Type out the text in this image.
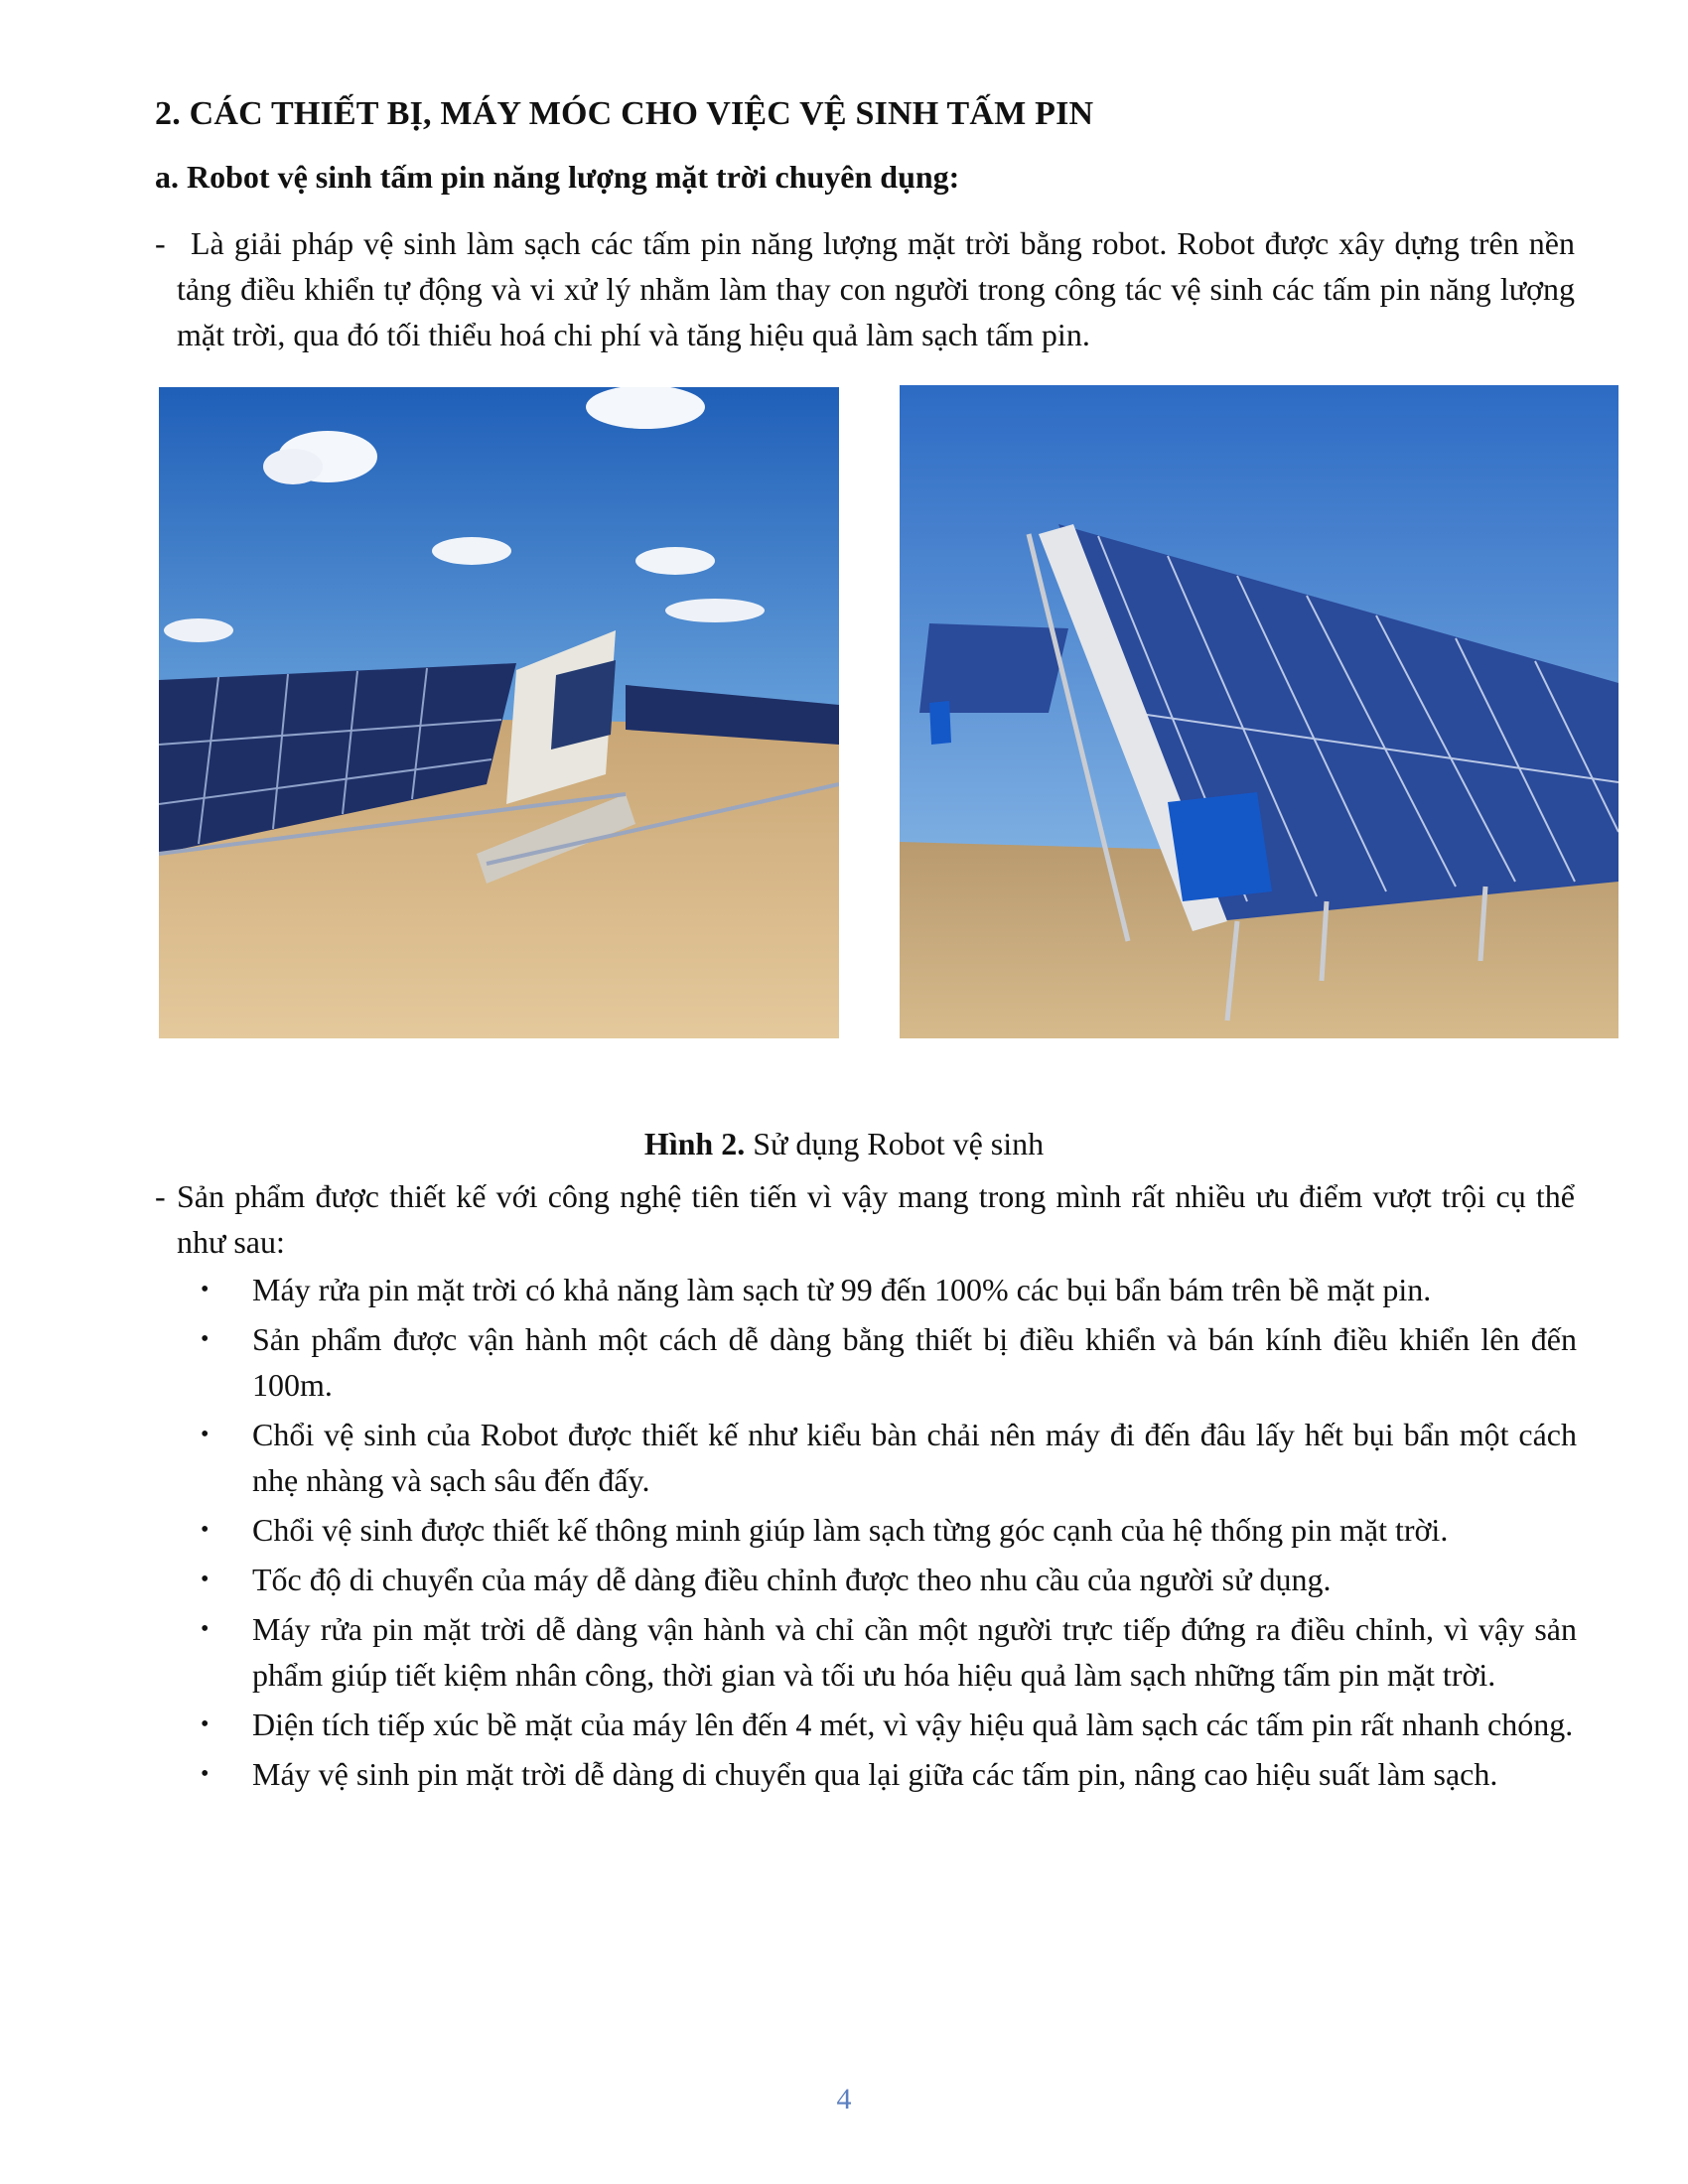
2. CÁC THIẾT BỊ, MÁY MÓC CHO VIỆC VỆ SINH TẤM PIN
a. Robot vệ sinh tấm pin năng lượng mặt trời chuyên dụng:
- Là giải pháp vệ sinh làm sạch các tấm pin năng lượng mặt trời bằng robot. Robot được xây dựng trên nền tảng điều khiển tự động và vi xử lý nhằm làm thay con người trong công tác vệ sinh các tấm pin năng lượng mặt trời, qua đó tối thiểu hoá chi phí và tăng hiệu quả làm sạch tấm pin.
Hình 2. Sử dụng Robot vệ sinh
- Sản phẩm được thiết kế với công nghệ tiên tiến vì vậy mang trong mình rất nhiều ưu điểm vượt trội cụ thể như sau:
• Máy rửa pin mặt trời có khả năng làm sạch từ 99 đến 100% các bụi bẩn bám trên bề mặt pin.
• Sản phẩm được vận hành một cách dễ dàng bằng thiết bị điều khiển và bán kính điều khiển lên đến 100m.
• Chổi vệ sinh của Robot được thiết kế như kiểu bàn chải nên máy đi đến đâu lấy hết bụi bẩn một cách nhẹ nhàng và sạch sâu đến đấy.
• Chổi vệ sinh được thiết kế thông minh giúp làm sạch từng góc cạnh của hệ thống pin mặt trời.
• Tốc độ di chuyển của máy dễ dàng điều chỉnh được theo nhu cầu của người sử dụng.
• Máy rửa pin mặt trời dễ dàng vận hành và chỉ cần một người trực tiếp đứng ra điều chỉnh, vì vậy sản phẩm giúp tiết kiệm nhân công, thời gian và tối ưu hóa hiệu quả làm sạch những tấm pin mặt trời.
• Diện tích tiếp xúc bề mặt của máy lên đến 4 mét, vì vậy hiệu quả làm sạch các tấm pin rất nhanh chóng.
• Máy vệ sinh pin mặt trời dễ dàng di chuyển qua lại giữa các tấm pin, nâng cao hiệu suất làm sạch.
4
